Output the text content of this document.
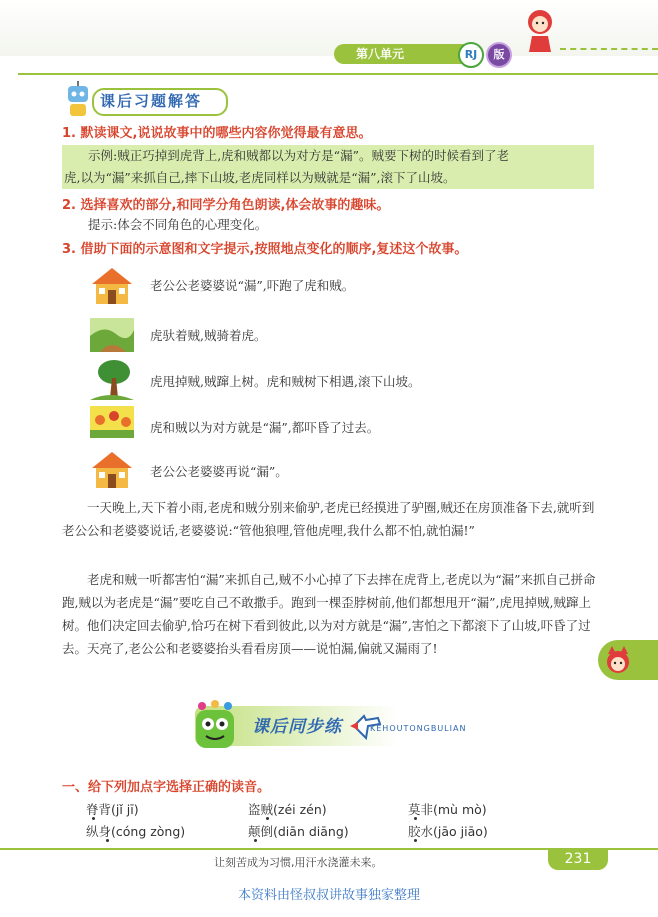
第八单元	RJ	版
课后习题解答
1. 默读课文,说说故事中的哪些内容你觉得最有意思。
示例:贼正巧掉到虎背上,虎和贼都以为对方是“漏”。贼要下树的时候看到了老
虎,以为“漏”来抓自己,摔下山坡,老虎同样以为贼就是“漏”,滚下了山坡。
2. 选择喜欢的部分,和同学分角色朗读,体会故事的趣味。
提示:体会不同角色的心理变化。
3. 借助下面的示意图和文字提示,按照地点变化的顺序,复述这个故事。
老公公老婆婆说“漏”,吓跑了虎和贼。
虎驮着贼,贼骑着虎。
虎甩掉贼,贼蹿上树。虎和贼树下相遇,滚下山坡。
虎和贼以为对方就是“漏”,都吓昏了过去。
老公公老婆婆再说“漏”。
一天晚上,天下着小雨,老虎和贼分别来偷驴,老虎已经摸进了驴圈,贼还在房顶准备下去,就听到老公公和老婆婆说话,老婆婆说:“管他狼哩,管他虎哩,我什么都不怕,就怕漏!”
老虎和贼一听都害怕“漏”来抓自己,贼不小心掉了下去摔在虎背上,老虎以为“漏”来抓自己拼命跑,贼以为老虎是“漏”要吃自己不敢撒手。跑到一棵歪脖树前,他们都想甩开“漏”,虎甩掉贼,贼蹿上树。他们决定回去偷驴,恰巧在树下看到彼此,以为对方就是“漏”,害怕之下都滚下了山坡,吓昏了过去。天亮了,老公公和老婆婆抬头看看房顶——说怕漏,偏就又漏雨了!
课后同步练	KEHOUTONGBULIAN
一、给下列加点字选择正确的读音。
脊背(jǐ jī)	盗贼(zéi zén)	莫非(mù mò)
纵身(cóng zòng)	颠倒(diān diāng)	胶水(jāo jiāo)
让刻苦成为习惯,用汗水浇灌未来。	231
本资料由怪叔叔讲故事独家整理
